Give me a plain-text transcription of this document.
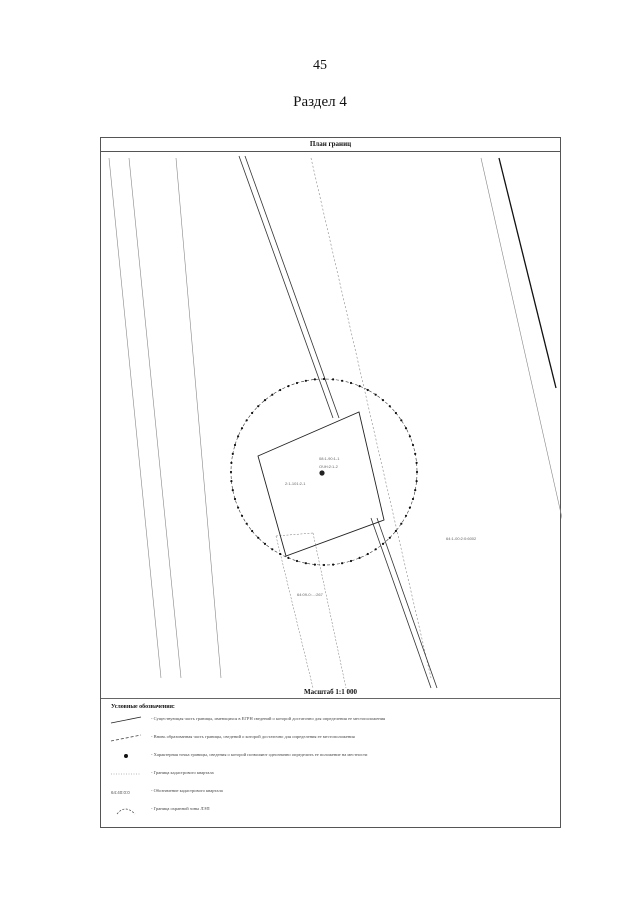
45
Раздел 4
План границ
08:1-90:1-1
ОЧН:2:1-2
2:1-101:2-1
64:1-00:2:0:6002
64:09-0:...:267
Масштаб 1:1 000
Условные обозначения:
- Существующая часть границы, имеющихся в ЕГРН сведений о которой достаточно для определения ее местоположения
- Вновь образованная часть границы, сведений о которой достаточно для определения ее местоположения
- Характерная точка границы, сведения о которой позволяют однозначно определить ее положение на местности
- Граница кадастрового квартала
64:40:0:0	- Обозначение кадастрового квартала
- Граница охранной зоны ЛЭП
